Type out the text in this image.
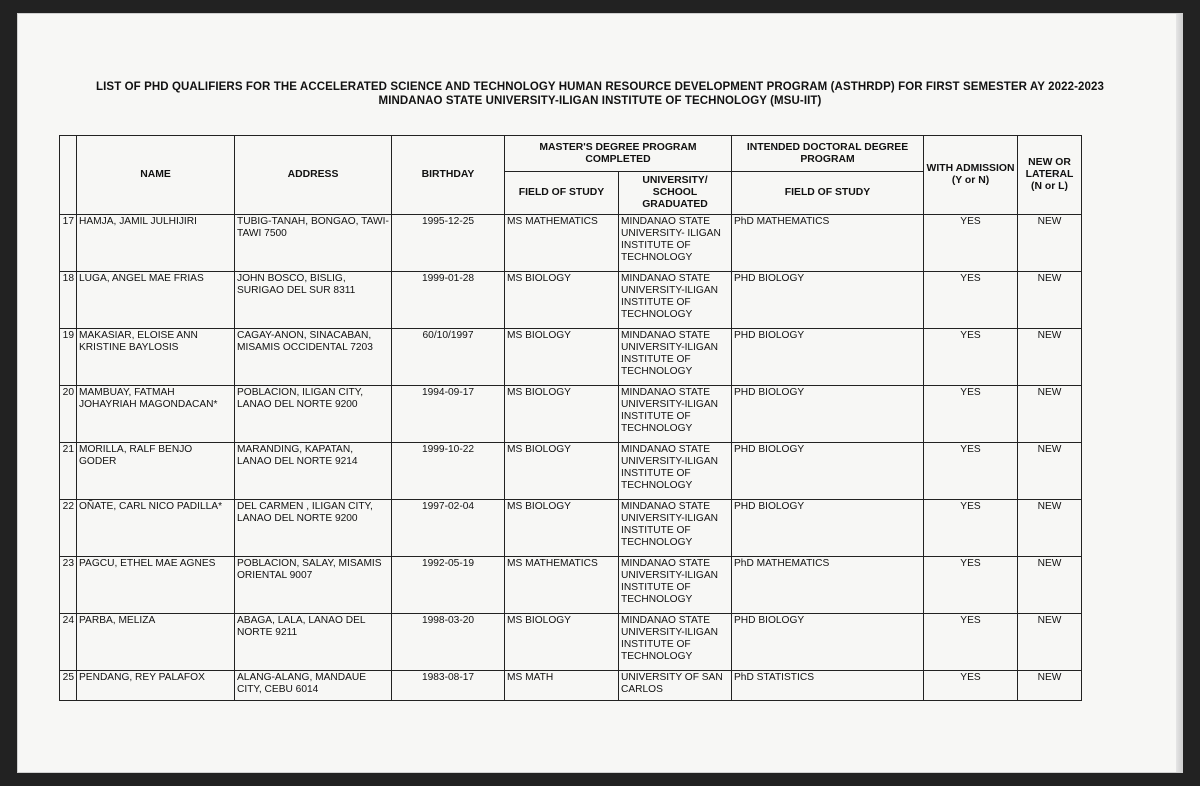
LIST OF PHD QUALIFIERS FOR THE ACCELERATED SCIENCE AND TECHNOLOGY HUMAN RESOURCE DEVELOPMENT PROGRAM (ASTHRDP) FOR FIRST SEMESTER AY 2022-2023
MINDANAO STATE UNIVERSITY-ILIGAN INSTITUTE OF TECHNOLOGY (MSU-IIT)
	NAME	ADDRESS	BIRTHDAY	MASTER'S DEGREE PROGRAM COMPLETED		INTENDED DOCTORAL DEGREE PROGRAM	WITH ADMISSION (Y or N)	NEW OR LATERAL (N or L)
				FIELD OF STUDY	UNIVERSITY/ SCHOOL GRADUATED	FIELD OF STUDY		
17	HAMJA, JAMIL JULHIJIRI	TUBIG-TANAH, BONGAO, TAWI-TAWI 7500	1995-12-25	MS MATHEMATICS	MINDANAO STATE UNIVERSITY- ILIGAN INSTITUTE OF TECHNOLOGY	PhD MATHEMATICS	YES	NEW
18	LUGA, ANGEL MAE FRIAS	JOHN BOSCO, BISLIG, SURIGAO DEL SUR 8311	1999-01-28	MS BIOLOGY	MINDANAO STATE UNIVERSITY-ILIGAN INSTITUTE OF TECHNOLOGY	PHD BIOLOGY	YES	NEW
19	MAKASIAR, ELOISE ANN KRISTINE BAYLOSIS	CAGAY-ANON, SINACABAN, MISAMIS OCCIDENTAL 7203	60/10/1997	MS BIOLOGY	MINDANAO STATE UNIVERSITY-ILIGAN INSTITUTE OF TECHNOLOGY	PHD BIOLOGY	YES	NEW
20	MAMBUAY, FATMAH JOHAYRIAH MAGONDACAN*	POBLACION, ILIGAN CITY, LANAO DEL NORTE 9200	1994-09-17	MS BIOLOGY	MINDANAO STATE UNIVERSITY-ILIGAN INSTITUTE OF TECHNOLOGY	PHD BIOLOGY	YES	NEW
21	MORILLA, RALF BENJO GODER	MARANDING, KAPATAN, LANAO DEL NORTE 9214	1999-10-22	MS BIOLOGY	MINDANAO STATE UNIVERSITY-ILIGAN INSTITUTE OF TECHNOLOGY	PHD BIOLOGY	YES	NEW
22	OÑATE, CARL NICO PADILLA*	DEL CARMEN , ILIGAN CITY, LANAO DEL NORTE 9200	1997-02-04	MS BIOLOGY	MINDANAO STATE UNIVERSITY-ILIGAN INSTITUTE OF TECHNOLOGY	PHD BIOLOGY	YES	NEW
23	PAGCU, ETHEL MAE AGNES	POBLACION, SALAY, MISAMIS ORIENTAL 9007	1992-05-19	MS MATHEMATICS	MINDANAO STATE UNIVERSITY-ILIGAN INSTITUTE OF TECHNOLOGY	PhD MATHEMATICS	YES	NEW
24	PARBA, MELIZA	ABAGA, LALA, LANAO DEL NORTE 9211	1998-03-20	MS BIOLOGY	MINDANAO STATE UNIVERSITY-ILIGAN INSTITUTE OF TECHNOLOGY	PHD BIOLOGY	YES	NEW
25	PENDANG, REY PALAFOX	ALANG-ALANG, MANDAUE CITY, CEBU 6014	1983-08-17	MS MATH	UNIVERSITY OF SAN CARLOS	PhD STATISTICS	YES	NEW
